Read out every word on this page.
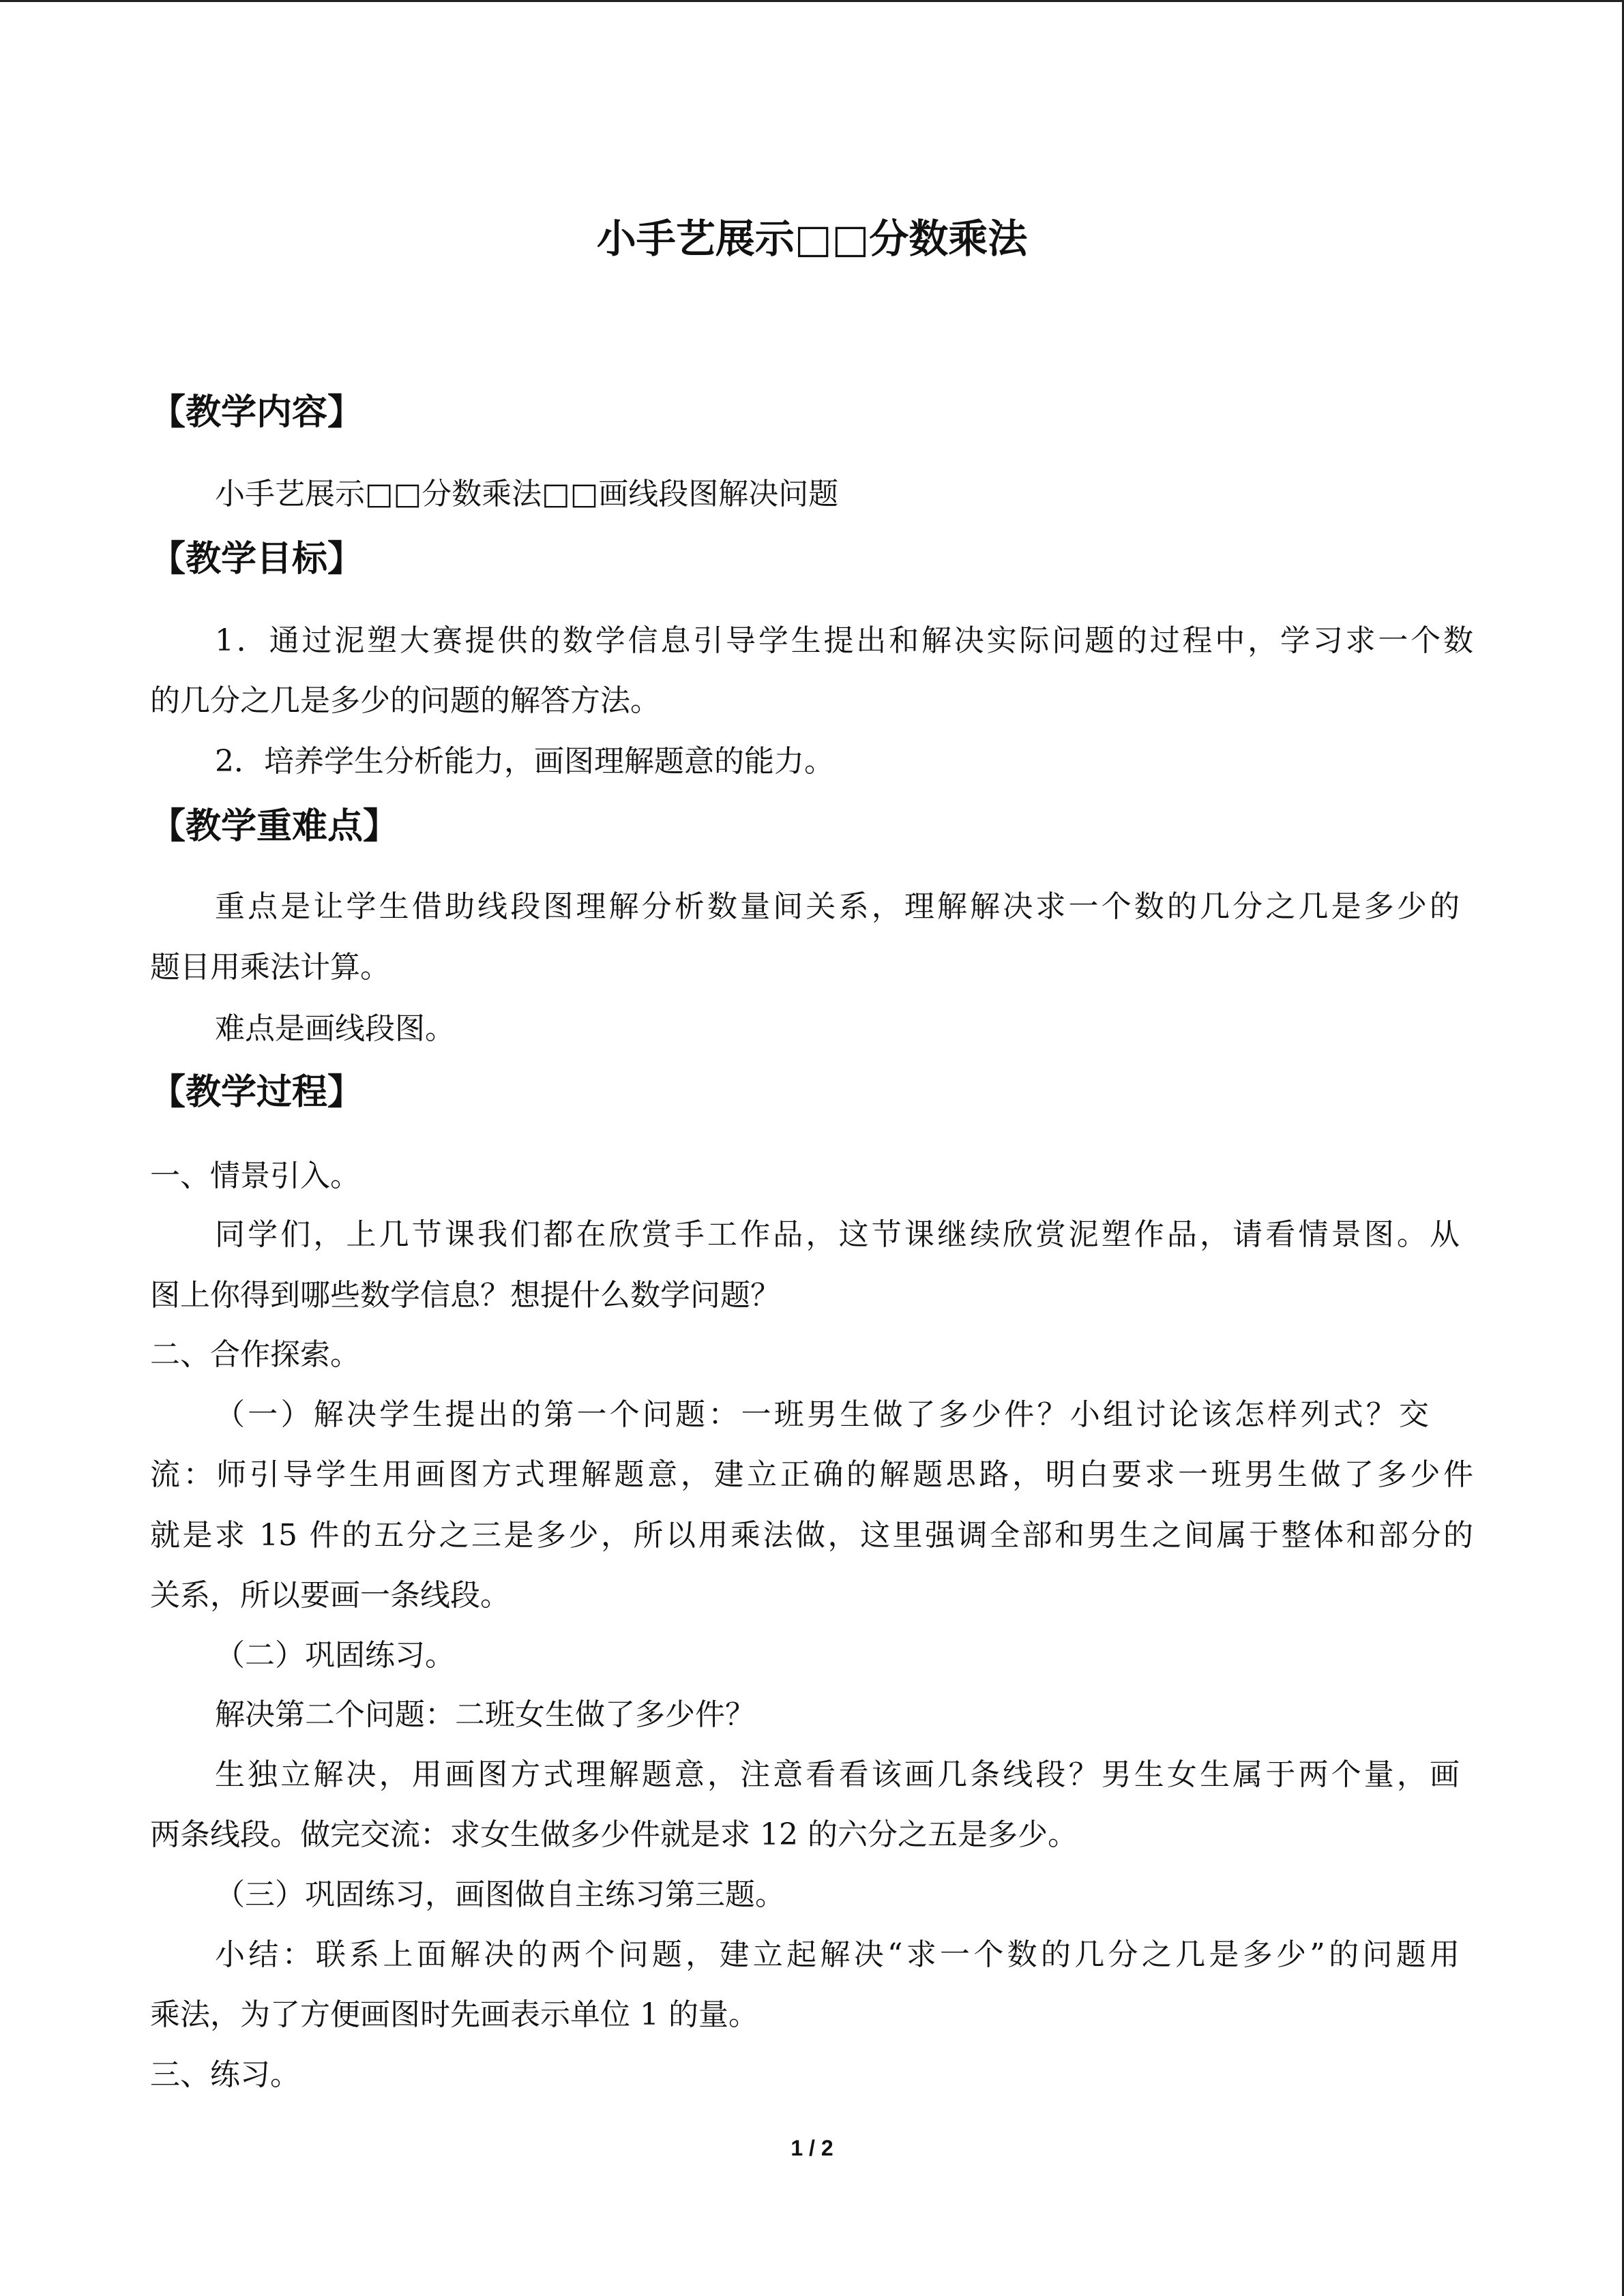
小手艺展示□□分数乘法
【教学内容】
小手艺展示□□分数乘法□□画线段图解决问题
【教学目标】
1．通过泥塑大赛提供的数学信息引导学生提出和解决实际问题的过程中，学习求一个数
的几分之几是多少的问题的解答方法。
2．培养学生分析能力，画图理解题意的能力。
【教学重难点】
重点是让学生借助线段图理解分析数量间关系，理解解决求一个数的几分之几是多少的
题目用乘法计算。
难点是画线段图。
【教学过程】
一、情景引入。
同学们，上几节课我们都在欣赏手工作品，这节课继续欣赏泥塑作品，请看情景图。从
图上你得到哪些数学信息？想提什么数学问题？
二、合作探索。
（一）解决学生提出的第一个问题：一班男生做了多少件？小组讨论该怎样列式？交
流：师引导学生用画图方式理解题意，建立正确的解题思路，明白要求一班男生做了多少件
就是求 15 件的五分之三是多少，所以用乘法做，这里强调全部和男生之间属于整体和部分的
关系，所以要画一条线段。
（二）巩固练习。
解决第二个问题：二班女生做了多少件？
生独立解决，用画图方式理解题意，注意看看该画几条线段？男生女生属于两个量，画
两条线段。做完交流：求女生做多少件就是求 12 的六分之五是多少。
（三）巩固练习，画图做自主练习第三题。
小结：联系上面解决的两个问题，建立起解决“求一个数的几分之几是多少”的问题用
乘法，为了方便画图时先画表示单位 1 的量。
三、练习。
1 / 2
